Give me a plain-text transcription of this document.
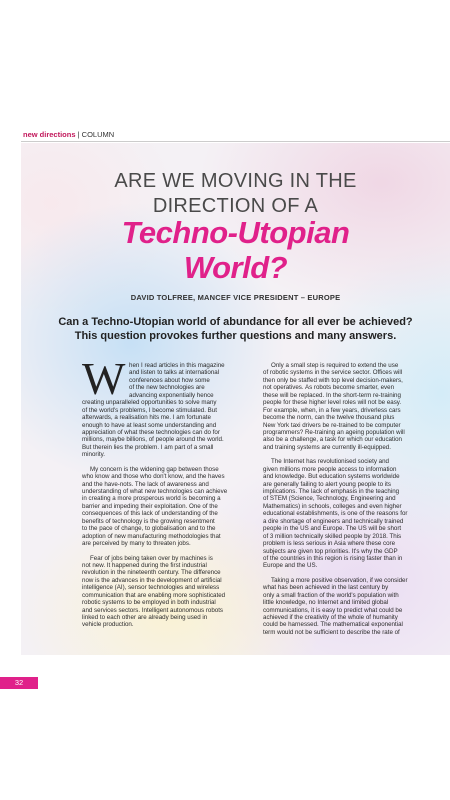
new directions | COLUMN
ARE WE MOVING IN THE
DIRECTION OF A
Techno-Utopian
World?
DAVID TOLFREE, MANCEF VICE PRESIDENT – EUROPE
Can a Techno-Utopian world of abundance for all ever be achieved?
This question provokes further questions and many answers.
W hen I read articles in this magazine
and listen to talks at international
conferences about how some
of the new technologies are
advancing exponentially hence
creating unparalleled opportunities to solve many
of the world's problems, I become stimulated. But
afterwards, a realisation hits me. I am fortunate
enough to have at least some understanding and
appreciation of what these technologies can do for
millions, maybe billions, of people around the world.
But therein lies the problem. I am part of a small
minority.
My concern is the widening gap between those
who know and those who don't know, and the haves
and the have-nots. The lack of awareness and
understanding of what new technologies can achieve
in creating a more prosperous world is becoming a
barrier and impeding their exploitation. One of the
consequences of this lack of understanding of the
benefits of technology is the growing resentment
to the pace of change, to globalisation and to the
adoption of new manufacturing methodologies that
are perceived by many to threaten jobs.
Fear of jobs being taken over by machines is
not new. It happened during the first industrial
revolution in the nineteenth century. The difference
now is the advances in the development of artificial
intelligence (AI), sensor technologies and wireless
communication that are enabling more sophisticated
robotic systems to be employed in both industrial
and services sectors. Intelligent autonomous robots
linked to each other are already being used in
vehicle production.
Only a small step is required to extend the use
of robotic systems in the service sector. Offices will
then only be staffed with top level decision-makers,
not operatives. As robots become smarter, even
these will be replaced. In the short-term re-training
people for these higher level roles will not be easy.
For example, when, in a few years, driverless cars
become the norm, can the twelve thousand plus
New York taxi drivers be re-trained to be computer
programmers? Re-training an ageing population will
also be a challenge, a task for which our education
and training systems are currently ill-equipped.
The Internet has revolutionised society and
given millions more people access to information
and knowledge. But education systems worldwide
are generally failing to alert young people to its
implications. The lack of emphasis in the teaching
of STEM (Science, Technology, Engineering and
Mathematics) in schools, colleges and even higher
educational establishments, is one of the reasons for
a dire shortage of engineers and technically trained
people in the US and Europe. The US will be short
of 3 million technically skilled people by 2018. This
problem is less serious in Asia where these core
subjects are given top priorities. It's why the GDP
of the countries in this region is rising faster than in
Europe and the US.
Taking a more positive observation, if we consider
what has been achieved in the last century by
only a small fraction of the world's population with
little knowledge, no Internet and limited global
communications, it is easy to predict what could be
achieved if the creativity of the whole of humanity
could be harnessed. The mathematical exponential
term would not be sufficient to describe the rate of
32
